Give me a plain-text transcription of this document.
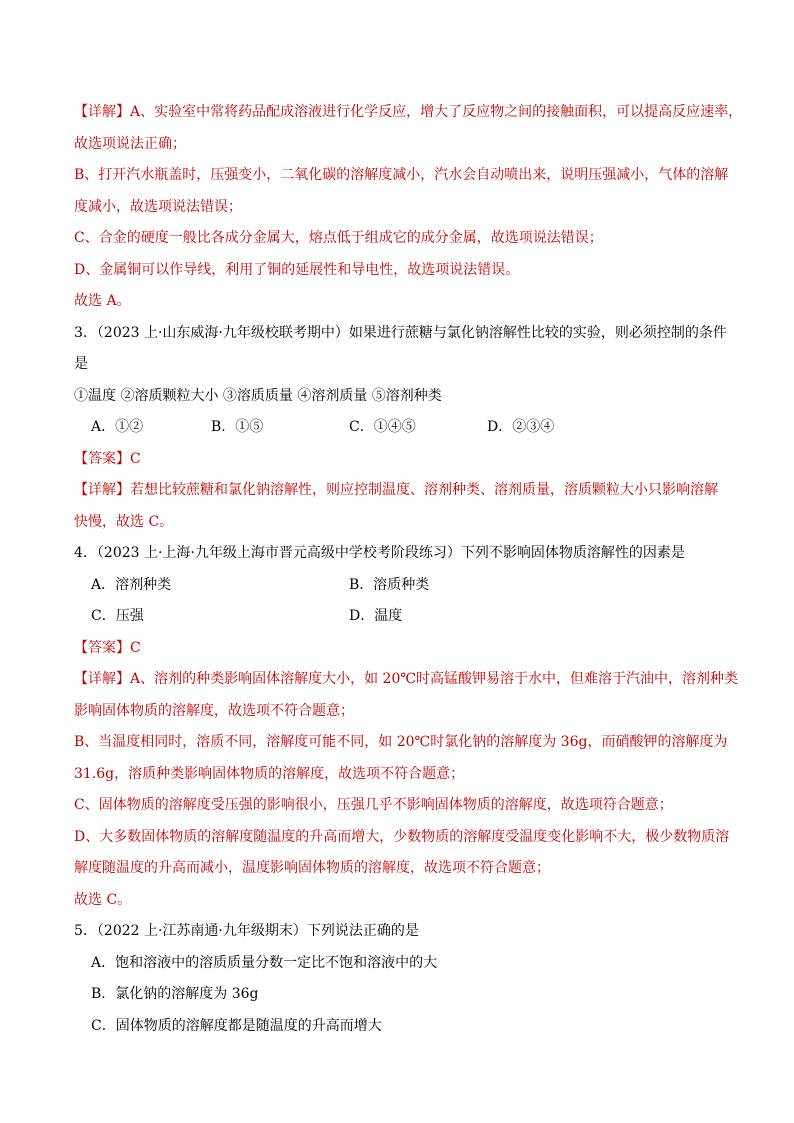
【详解】A、实验室中常将药品配成溶液进行化学反应，增大了反应物之间的接触面积，可以提高反应速率，
故选项说法正确；
B、打开汽水瓶盖时，压强变小，二氧化碳的溶解度减小，汽水会自动喷出来，说明压强减小，气体的溶解
度减小，故选项说法错误；
C、合金的硬度一般比各成分金属大，熔点低于组成它的成分金属，故选项说法错误；
D、金属铜可以作导线，利用了铜的延展性和导电性，故选项说法错误。
故选 A。
3．（2023 上·山东威海·九年级校联考期中）如果进行蔗糖与氯化钠溶解性比较的实验，则必须控制的条件
是
①温度 ②溶质颗粒大小 ③溶质质量 ④溶剂质量 ⑤溶剂种类
A．①②	B．①⑤	C．①④⑤	D．②③④
【答案】C
【详解】若想比较蔗糖和氯化钠溶解性，则应控制温度、溶剂种类、溶剂质量，溶质颗粒大小只影响溶解
快慢，故选 C。
4．（2023 上·上海·九年级上海市晋元高级中学校考阶段练习）下列不影响固体物质溶解性的因素是
A．溶剂种类	B．溶质种类
C．压强	D．温度
【答案】C
【详解】A、溶剂的种类影响固体溶解度大小，如 20℃时高锰酸钾易溶于水中，但难溶于汽油中，溶剂种类
影响固体物质的溶解度，故选项不符合题意；
B、当温度相同时，溶质不同，溶解度可能不同，如 20℃时氯化钠的溶解度为 36g，而硝酸钾的溶解度为
31.6g，溶质种类影响固体物质的溶解度，故选项不符合题意；
C、固体物质的溶解度受压强的影响很小，压强几乎不影响固体物质的溶解度，故选项符合题意；
D、大多数固体物质的溶解度随温度的升高而增大，少数物质的溶解度受温度变化影响不大，极少数物质溶
解度随温度的升高而减小，温度影响固体物质的溶解度，故选项不符合题意；
故选 C。
5．（2022 上·江苏南通·九年级期末）下列说法正确的是
A．饱和溶液中的溶质质量分数一定比不饱和溶液中的大
B．氯化钠的溶解度为 36g
C．固体物质的溶解度都是随温度的升高而增大
